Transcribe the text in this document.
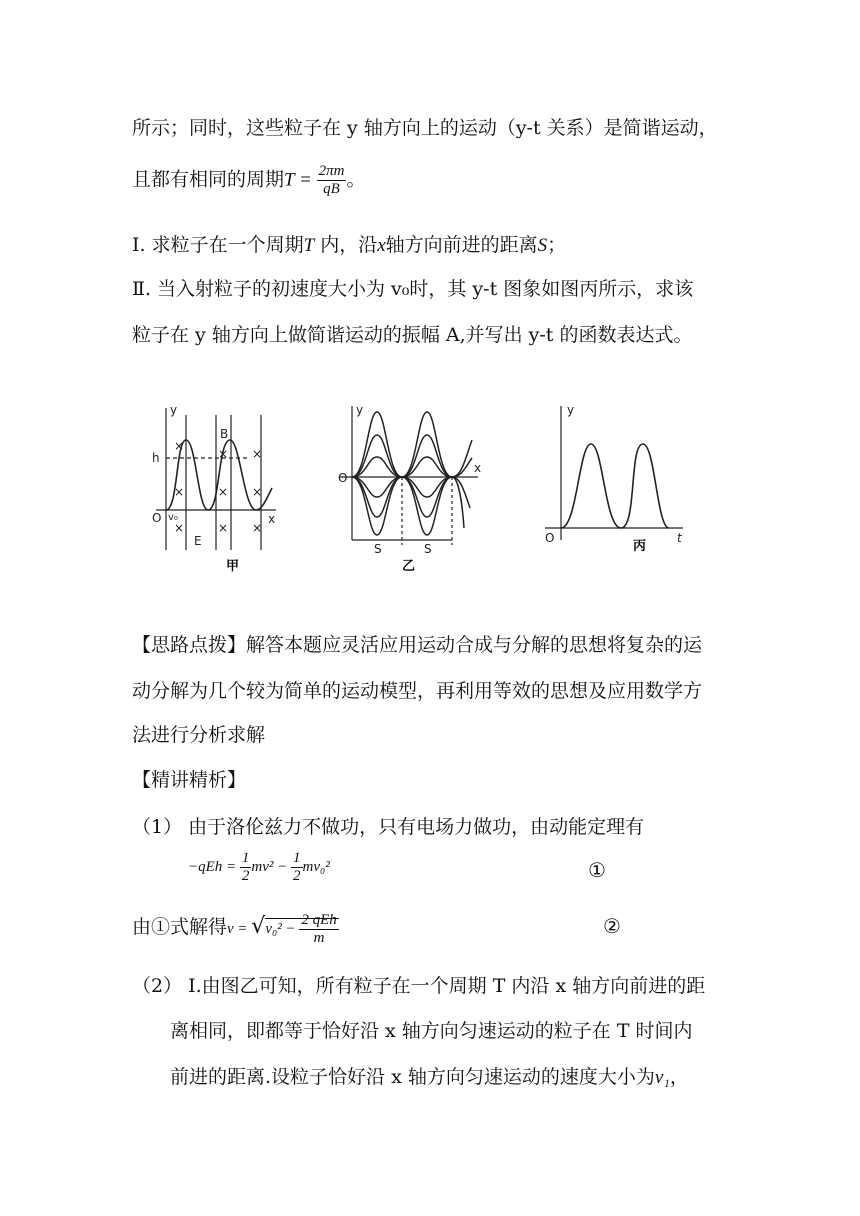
所示；同时，这些粒子在 y 轴方向上的运动（y-t 关系）是简谐运动，
且都有相同的周期$T = \frac{2\pi m}{qB}$ 。
Ⅰ. 求粒子在一个周期T 内，沿x轴方向前进的距离S；
Ⅱ. 当入射粒子的初速度大小为 v₀时，其 y-t 图象如图丙所示，求该
粒子在 y 轴方向上做简谐运动的振幅 A,并写出 y-t 的函数表达式。
y
x
h
B
E
O v₀
×
×
×
×
×
×
×
×
×
甲
y
x
O
S	S
乙
y
t
O
丙
【思路点拨】解答本题应灵活应用运动合成与分解的思想将复杂的运
动分解为几个较为简单的运动模型，再利用等效的思想及应用数学方
法进行分析求解
【精讲精析】
（1） 由于洛伦兹力不做功，只有电场力做功，由动能定理有
$-qEh = \frac{1}{2} mv^2 - \frac{1}{2} mv_0^2$	①
由①式解得$v = √v_0^2 - \frac{\text{2 qEh}}{m}$	②
（2） Ⅰ.由图乙可知，所有粒子在一个周期 T 内沿 x 轴方向前进的距
离相同，即都等于恰好沿 x 轴方向匀速运动的粒子在 T 时间内
前进的距离.设粒子恰好沿 x 轴方向匀速运动的速度大小为v₁，
